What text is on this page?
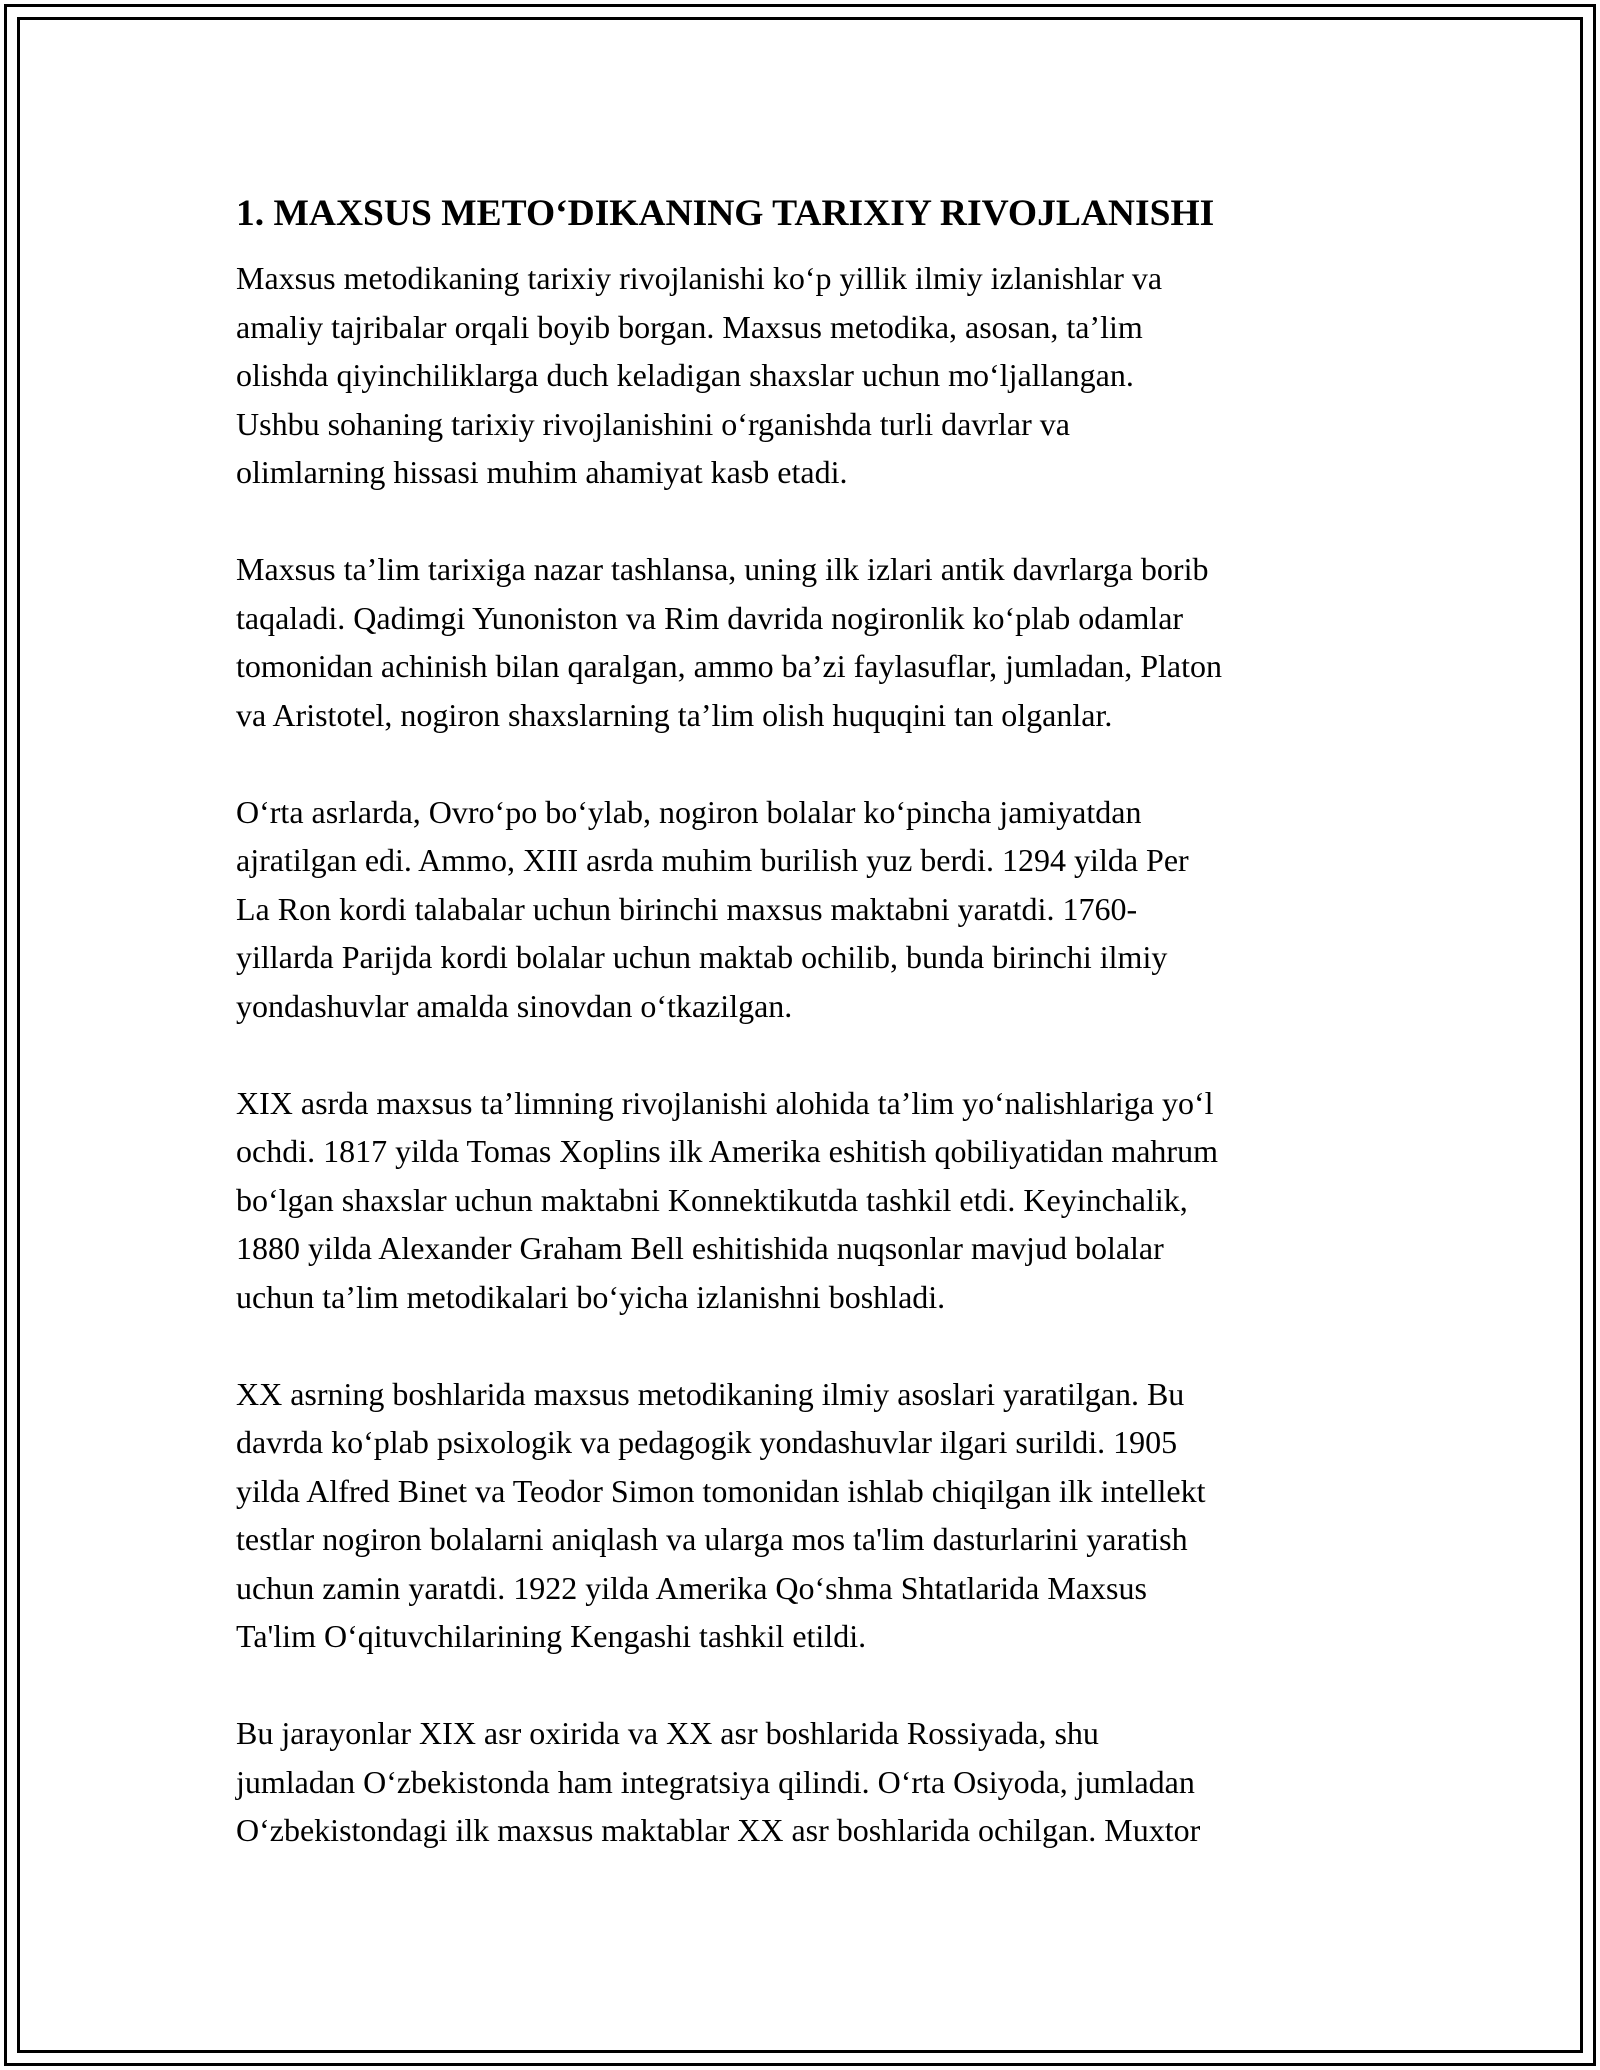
1. MAXSUS METO‘DIKANING TARIXIY RIVOJLANISHI

Maxsus metodikaning tarixiy rivojlanishi ko‘p yillik ilmiy izlanishlar va
amaliy tajribalar orqali boyib borgan. Maxsus metodika, asosan, ta’lim
olishda qiyinchiliklarga duch keladigan shaxslar uchun mo‘ljallangan.
Ushbu sohaning tarixiy rivojlanishini o‘rganishda turli davrlar va
olimlarning hissasi muhim ahamiyat kasb etadi.

Maxsus ta’lim tarixiga nazar tashlansa, uning ilk izlari antik davrlarga borib
taqaladi. Qadimgi Yunoniston va Rim davrida nogironlik ko‘plab odamlar
tomonidan achinish bilan qaralgan, ammo ba’zi faylasuflar, jumladan, Platon
va Aristotel, nogiron shaxslarning ta’lim olish huquqini tan olganlar.

O‘rta asrlarda, Ovro‘po bo‘ylab, nogiron bolalar ko‘pincha jamiyatdan
ajratilgan edi. Ammo, XIII asrda muhim burilish yuz berdi. 1294 yilda Per
La Ron kordi talabalar uchun birinchi maxsus maktabni yaratdi. 1760-
yillarda Parijda kordi bolalar uchun maktab ochilib, bunda birinchi ilmiy
yondashuvlar amalda sinovdan o‘tkazilgan.

XIX asrda maxsus ta’limning rivojlanishi alohida ta’lim yo‘nalishlariga yo‘l
ochdi. 1817 yilda Tomas Xoplins ilk Amerika eshitish qobiliyatidan mahrum
bo‘lgan shaxslar uchun maktabni Konnektikutda tashkil etdi. Keyinchalik,
1880 yilda Alexander Graham Bell eshitishida nuqsonlar mavjud bolalar
uchun ta’lim metodikalari bo‘yicha izlanishni boshladi.

XX asrning boshlarida maxsus metodikaning ilmiy asoslari yaratilgan. Bu
davrda ko‘plab psixologik va pedagogik yondashuvlar ilgari surildi. 1905
yilda Alfred Binet va Teodor Simon tomonidan ishlab chiqilgan ilk intellekt
testlar nogiron bolalarni aniqlash va ularga mos ta'lim dasturlarini yaratish
uchun zamin yaratdi. 1922 yilda Amerika Qo‘shma Shtatlarida Maxsus
Ta'lim O‘qituvchilarining Kengashi tashkil etildi.

Bu jarayonlar XIX asr oxirida va XX asr boshlarida Rossiyada, shu
jumladan O‘zbekistonda ham integratsiya qilindi. O‘rta Osiyoda, jumladan
O‘zbekistondagi ilk maxsus maktablar XX asr boshlarida ochilgan. Muxtor
